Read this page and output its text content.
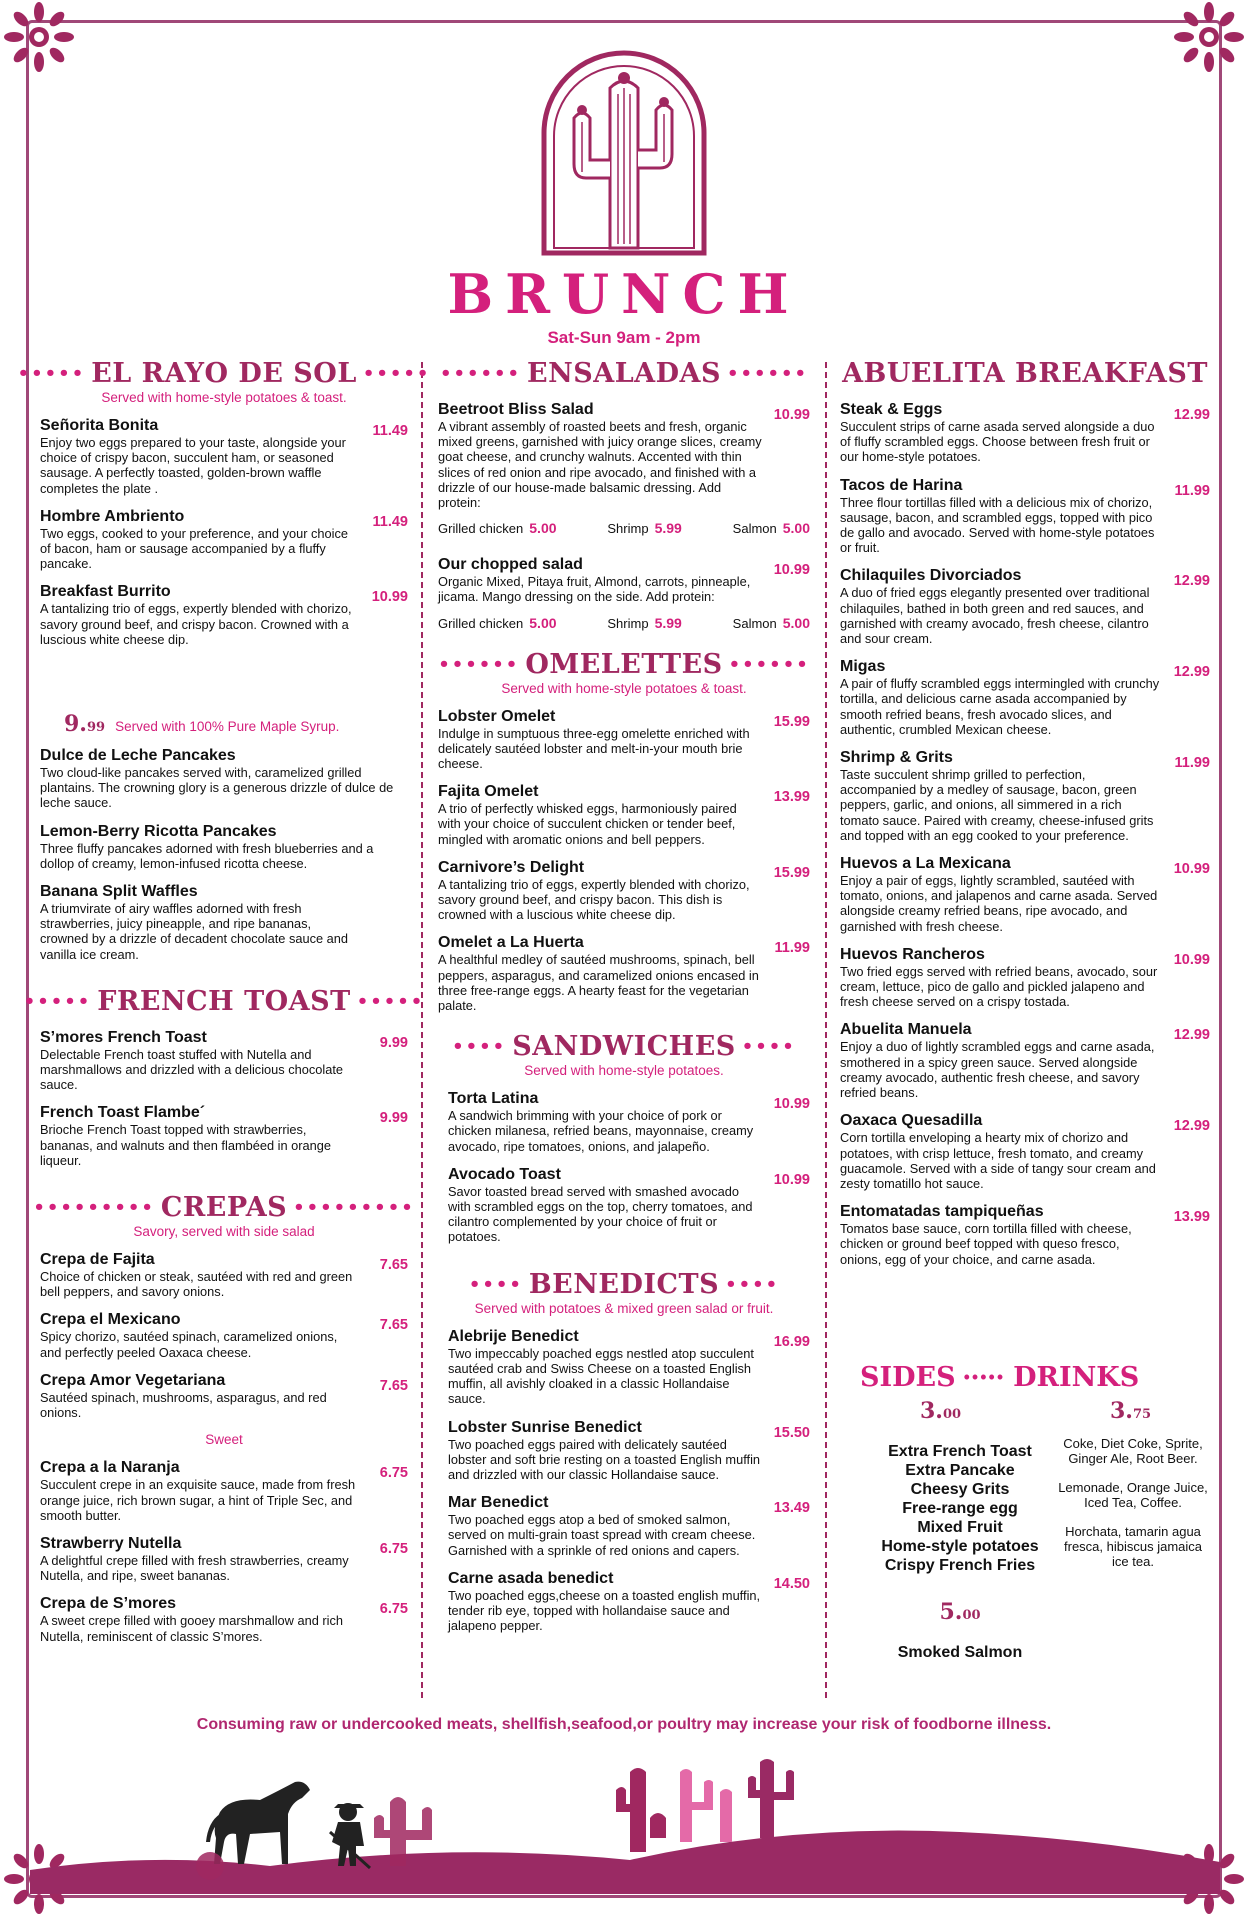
BRUNCH
Sat-Sun 9am - 2pm
••••• EL RAYO DE SOL •••••
Served with home-style potatoes & toast.
Señorita Bonita	11.49
Enjoy two eggs prepared to your taste, alongside your choice of crispy bacon, succulent ham, or seasoned sausage. A perfectly toasted, golden-brown waffle completes the plate .
Hombre Ambriento	11.49
Two eggs, cooked to your preference, and your choice of bacon, ham or sausage accompanied by a fluffy pancake.
Breakfast Burrito	10.99
A tantalizing trio of eggs, expertly blended with chorizo, savory ground beef, and crispy bacon. Crowned with a luscious white cheese dip.
9.99 Served with 100% Pure Maple Syrup.
Dulce de Leche Pancakes
Two cloud-like pancakes served with, caramelized grilled plantains. The crowning glory is a generous drizzle of dulce de leche sauce.
Lemon-Berry Ricotta Pancakes
Three fluffy pancakes adorned with fresh blueberries and a dollop of creamy, lemon-infused ricotta cheese.
Banana Split Waffles
A triumvirate of airy waffles adorned with fresh strawberries, juicy pineapple, and ripe bananas, crowned by a drizzle of decadent chocolate sauce and vanilla ice cream.
••••• FRENCH TOAST •••••
S’mores French Toast	9.99
Delectable French toast stuffed with Nutella and marshmallows and drizzled with a delicious chocolate sauce.
French Toast Flambe´	9.99
Brioche French Toast topped with strawberries, bananas, and walnuts and then flambéed in orange liqueur.
••••••••• CREPAS •••••••••
Savory, served with side salad
Crepa de Fajita	7.65
Choice of chicken or steak, sautéed with red and green bell peppers, and savory onions.
Crepa el Mexicano	7.65
Spicy chorizo, sautéed spinach, caramelized onions, and perfectly peeled Oaxaca cheese.
Crepa Amor Vegetariana	7.65
Sautéed spinach, mushrooms, asparagus, and red onions.
Sweet
Crepa a la Naranja	6.75
Succulent crepe in an exquisite sauce, made from fresh orange juice, rich brown sugar, a hint of Triple Sec, and smooth butter.
Strawberry Nutella	6.75
A delightful crepe filled with fresh strawberries, creamy Nutella, and ripe, sweet bananas.
Crepa de S’mores	6.75
A sweet crepe filled with gooey marshmallow and rich Nutella, reminiscent of classic S’mores.
•••••• ENSALADAS ••••••
Beetroot Bliss Salad	10.99
A vibrant assembly of roasted beets and fresh, organic mixed greens, garnished with juicy orange slices, creamy goat cheese, and crunchy walnuts. Accented with thin slices of red onion and ripe avocado, and finished with a drizzle of our house-made balsamic dressing. Add protein:
Grilled chicken 5.00	Shrimp 5.99	Salmon 5.00
Our chopped salad	10.99
Organic Mixed, Pitaya fruit, Almond, carrots, pinneaple, jicama. Mango dressing on the side. Add protein:
Grilled chicken 5.00	Shrimp 5.99	Salmon 5.00
•••••• OMELETTES ••••••
Served with home-style potatoes & toast.
Lobster Omelet	15.99
Indulge in sumptuous three-egg omelette enriched with delicately sautéed lobster and melt-in-your mouth brie cheese.
Fajita Omelet	13.99
A trio of perfectly whisked eggs, harmoniously paired with your choice of succulent chicken or tender beef, mingled with aromatic onions and bell peppers.
Carnivore’s Delight	15.99
A tantalizing trio of eggs, expertly blended with chorizo, savory ground beef, and crispy bacon. This dish is crowned with a luscious white cheese dip.
Omelet a La Huerta	11.99
A healthful medley of sautéed mushrooms, spinach, bell peppers, asparagus, and caramelized onions encased in three free-range eggs. A hearty feast for the vegetarian palate.
•••• SANDWICHES ••••
Served with home-style potatoes.
Torta Latina	10.99
A sandwich brimming with your choice of pork or chicken milanesa, refried beans, mayonnaise, creamy avocado, ripe tomatoes, onions, and jalapeño.
Avocado Toast	10.99
Savor toasted bread served with smashed avocado with scrambled eggs on the top, cherry tomatoes, and cilantro complemented by your choice of fruit or potatoes.
•••• BENEDICTS ••••
Served with potatoes & mixed green salad or fruit.
Alebrije Benedict	16.99
Two impeccably poached eggs nestled atop succulent sautéed crab and Swiss Cheese on a toasted English muffin, all avishly cloaked in a classic Hollandaise sauce.
Lobster Sunrise Benedict	15.50
Two poached eggs paired with delicately sautéed lobster and soft brie resting on a toasted English muffin and drizzled with our classic Hollandaise sauce.
Mar Benedict	13.49
Two poached eggs atop a bed of smoked salmon, served on multi-grain toast spread with cream cheese. Garnished with a sprinkle of red onions and capers.
Carne asada benedict	14.50
Two poached eggs,cheese on a toasted english muffin, tender rib eye, topped with hollandaise sauce and jalapeno pepper.
ABUELITA BREAKFAST
Steak & Eggs	12.99
Succulent strips of carne asada served alongside a duo of fluffy scrambled eggs. Choose between fresh fruit or our home-style potatoes.
Tacos de Harina	11.99
Three flour tortillas filled with a delicious mix of chorizo, sausage, bacon, and scrambled eggs, topped with pico de gallo and avocado. Served with home-style potatoes or fruit.
Chilaquiles Divorciados	12.99
A duo of fried eggs elegantly presented over traditional chilaquiles, bathed in both green and red sauces, and garnished with creamy avocado, fresh cheese, cilantro and sour cream.
Migas	12.99
A pair of fluffy scrambled eggs intermingled with crunchy tortilla, and delicious carne asada accompanied by smooth refried beans, fresh avocado slices, and authentic, crumbled Mexican cheese.
Shrimp & Grits	11.99
Taste succulent shrimp grilled to perfection, accompanied by a medley of sausage, bacon, green peppers, garlic, and onions, all simmered in a rich tomato sauce. Paired with creamy, cheese-infused grits and topped with an egg cooked to your preference.
Huevos a La Mexicana	10.99
Enjoy a pair of eggs, lightly scrambled, sautéed with tomato, onions, and jalapenos and carne asada. Served alongside creamy refried beans, ripe avocado, and garnished with fresh cheese.
Huevos Rancheros	10.99
Two fried eggs served with refried beans, avocado, sour cream, lettuce, pico de gallo and pickled jalapeno and fresh cheese served on a crispy tostada.
Abuelita Manuela	12.99
Enjoy a duo of lightly scrambled eggs and carne asada, smothered in a spicy green sauce. Served alongside creamy avocado, authentic fresh cheese, and savory refried beans.
Oaxaca Quesadilla	12.99
Corn tortilla enveloping a hearty mix of chorizo and potatoes, with crisp lettuce, fresh tomato, and creamy guacamole. Served with a side of tangy sour cream and zesty tomatillo hot sauce.
Entomatadas tampiqueñas	13.99
Tomatos base sauce, corn tortilla filled with cheese, chicken or ground beef topped with queso fresco, onions, egg of your choice, and carne asada.
SIDES ••••• DRINKS
3.00	3.75
Extra French Toast
Extra Pancake
Cheesy Grits
Free-range egg
Mixed Fruit
Home-style potatoes
Crispy French Fries
5.00
Smoked Salmon

Coke, Diet Coke, Sprite, Ginger Ale, Root Beer.

Lemonade, Orange Juice, Iced Tea, Coffee.

Horchata, tamarin agua fresca, hibiscus jamaica ice tea.

Consuming raw or undercooked meats, shellfish,seafood,or poultry may increase your risk of foodborne illness.
